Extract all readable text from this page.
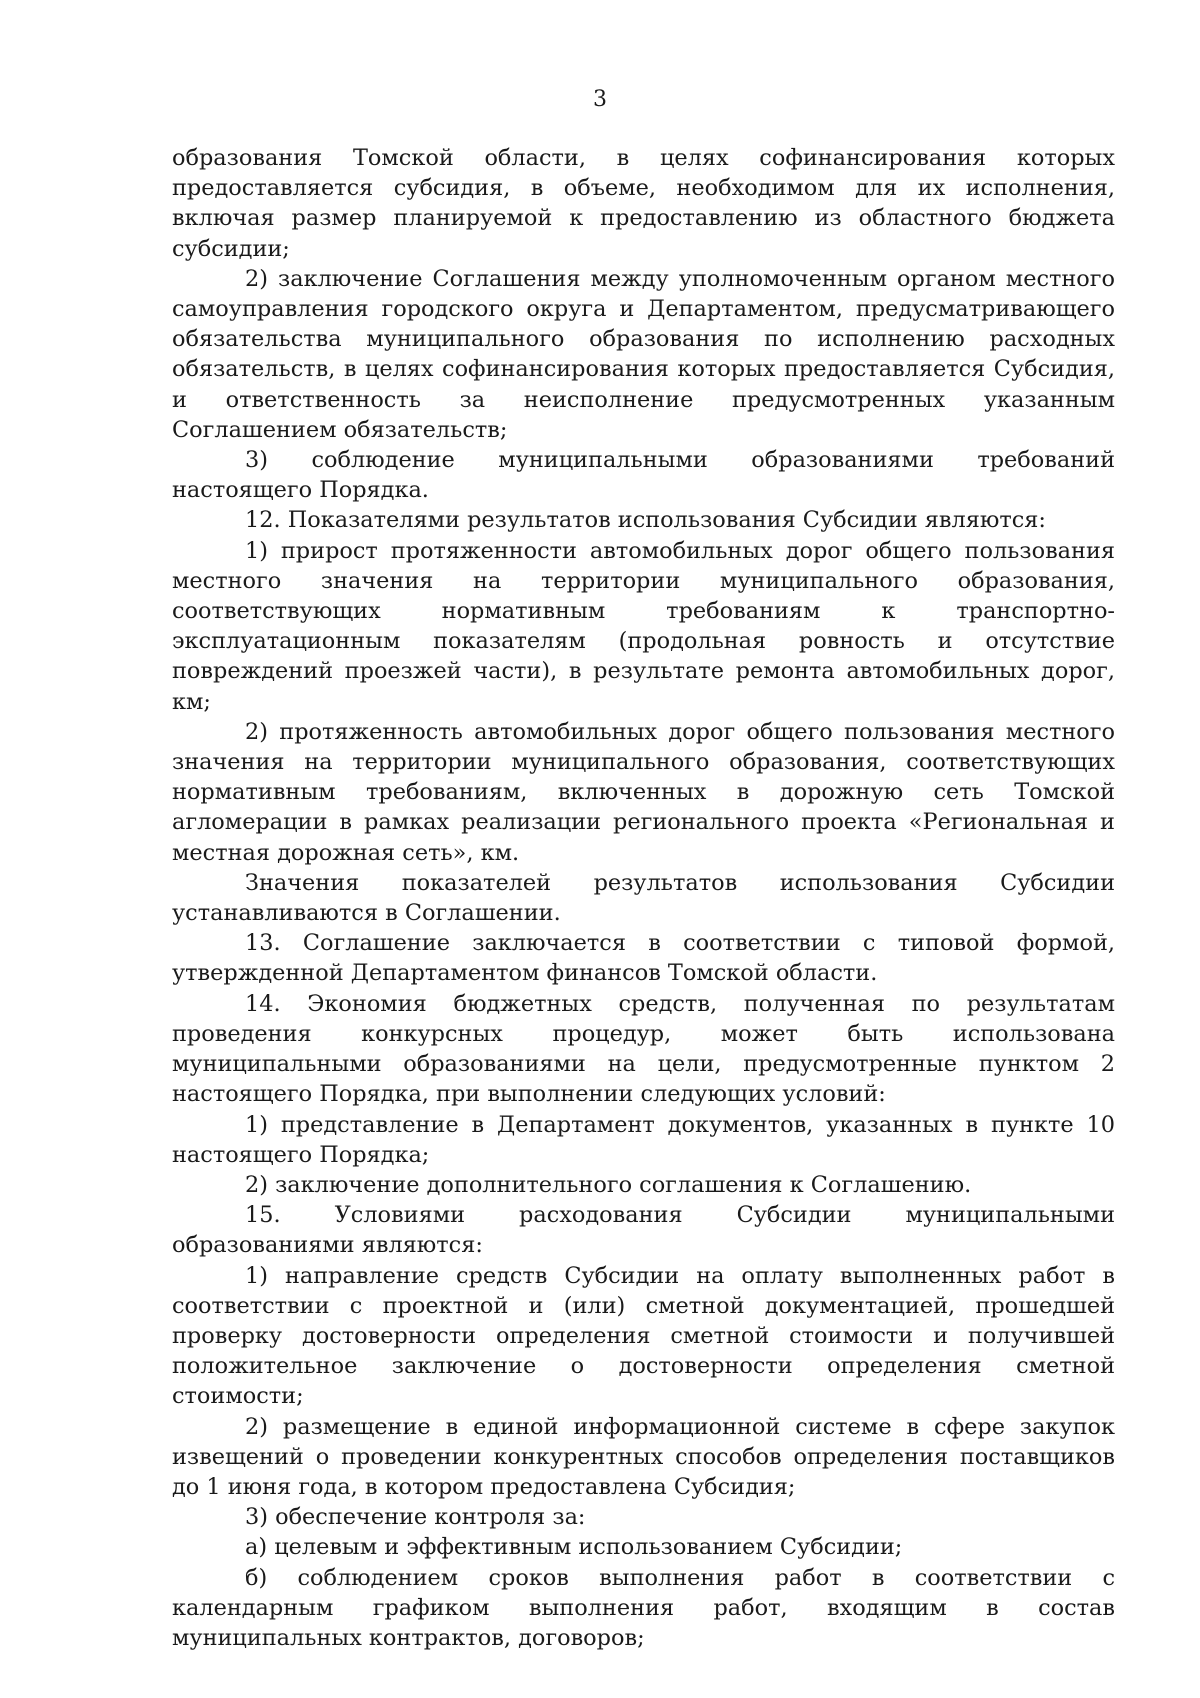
3

образования Томской области, в целях софинансирования которых предоставляется субсидия, в объеме, необходимом для их исполнения, включая размер планируемой к предоставлению из областного бюджета субсидии;

2) заключение Соглашения между уполномоченным органом местного самоуправления городского округа и Департаментом, предусматривающего обязательства муниципального образования по исполнению расходных обязательств, в целях софинансирования которых предоставляется Субсидия, и ответственность за неисполнение предусмотренных указанным Соглашением обязательств;

3) соблюдение муниципальными образованиями требований настоящего Порядка.

12. Показателями результатов использования Субсидии являются:

1) прирост протяженности автомобильных дорог общего пользования местного значения на территории муниципального образования, соответствующих нормативным требованиям к транспортно-эксплуатационным показателям (продольная ровность и отсутствие повреждений проезжей части), в результате ремонта автомобильных дорог, км;

2) протяженность автомобильных дорог общего пользования местного значения на территории муниципального образования, соответствующих нормативным требованиям, включенных в дорожную сеть Томской агломерации в рамках реализации регионального проекта «Региональная и местная дорожная сеть», км.

Значения показателей результатов использования Субсидии устанавливаются в Соглашении.

13. Соглашение заключается в соответствии с типовой формой, утвержденной Департаментом финансов Томской области.

14. Экономия бюджетных средств, полученная по результатам проведения конкурсных процедур, может быть использована муниципальными образованиями на цели, предусмотренные пунктом 2 настоящего Порядка, при выполнении следующих условий:

1) представление в Департамент документов, указанных в пункте 10 настоящего Порядка;

2) заключение дополнительного соглашения к Соглашению.

15. Условиями расходования Субсидии муниципальными образованиями являются:

1) направление средств Субсидии на оплату выполненных работ в соответствии с проектной и (или) сметной документацией, прошедшей проверку достоверности определения сметной стоимости и получившей положительное заключение о достоверности определения сметной стоимости;

2) размещение в единой информационной системе в сфере закупок извещений о проведении конкурентных способов определения поставщиков до 1 июня года, в котором предоставлена Субсидия;

3) обеспечение контроля за:

а) целевым и эффективным использованием Субсидии;

б) соблюдением сроков выполнения работ в соответствии с календарным графиком выполнения работ, входящим в состав муниципальных контрактов, договоров;
